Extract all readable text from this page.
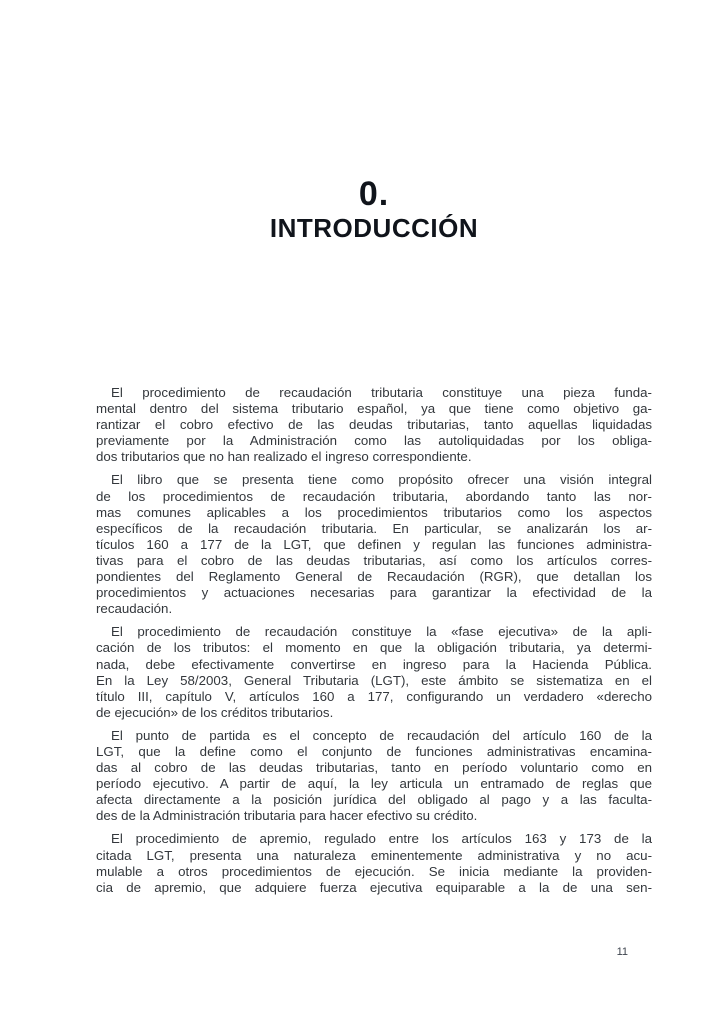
0.
INTRODUCCIÓN

El procedimiento de recaudación tributaria constituye una pieza funda-
mental dentro del sistema tributario español, ya que tiene como objetivo ga-
rantizar el cobro efectivo de las deudas tributarias, tanto aquellas liquidadas
previamente por la Administración como las autoliquidadas por los obliga-
dos tributarios que no han realizado el ingreso correspondiente.

El libro que se presenta tiene como propósito ofrecer una visión integral
de los procedimientos de recaudación tributaria, abordando tanto las nor-
mas comunes aplicables a los procedimientos tributarios como los aspectos
específicos de la recaudación tributaria. En particular, se analizarán los ar-
tículos 160 a 177 de la LGT, que definen y regulan las funciones administra-
tivas para el cobro de las deudas tributarias, así como los artículos corres-
pondientes del Reglamento General de Recaudación (RGR), que detallan los
procedimientos y actuaciones necesarias para garantizar la efectividad de la
recaudación.

El procedimiento de recaudación constituye la «fase ejecutiva» de la apli-
cación de los tributos: el momento en que la obligación tributaria, ya determi-
nada, debe efectivamente convertirse en ingreso para la Hacienda Pública.
En la Ley 58/2003, General Tributaria (LGT), este ámbito se sistematiza en el
título III, capítulo V, artículos 160 a 177, configurando un verdadero «derecho
de ejecución» de los créditos tributarios.

El punto de partida es el concepto de recaudación del artículo 160 de la
LGT, que la define como el conjunto de funciones administrativas encamina-
das al cobro de las deudas tributarias, tanto en período voluntario como en
período ejecutivo. A partir de aquí, la ley articula un entramado de reglas que
afecta directamente a la posición jurídica del obligado al pago y a las faculta-
des de la Administración tributaria para hacer efectivo su crédito.

El procedimiento de apremio, regulado entre los artículos 163 y 173 de la
citada LGT, presenta una naturaleza eminentemente administrativa y no acu-
mulable a otros procedimientos de ejecución. Se inicia mediante la providen-
cia de apremio, que adquiere fuerza ejecutiva equiparable a la de una sen-

11
